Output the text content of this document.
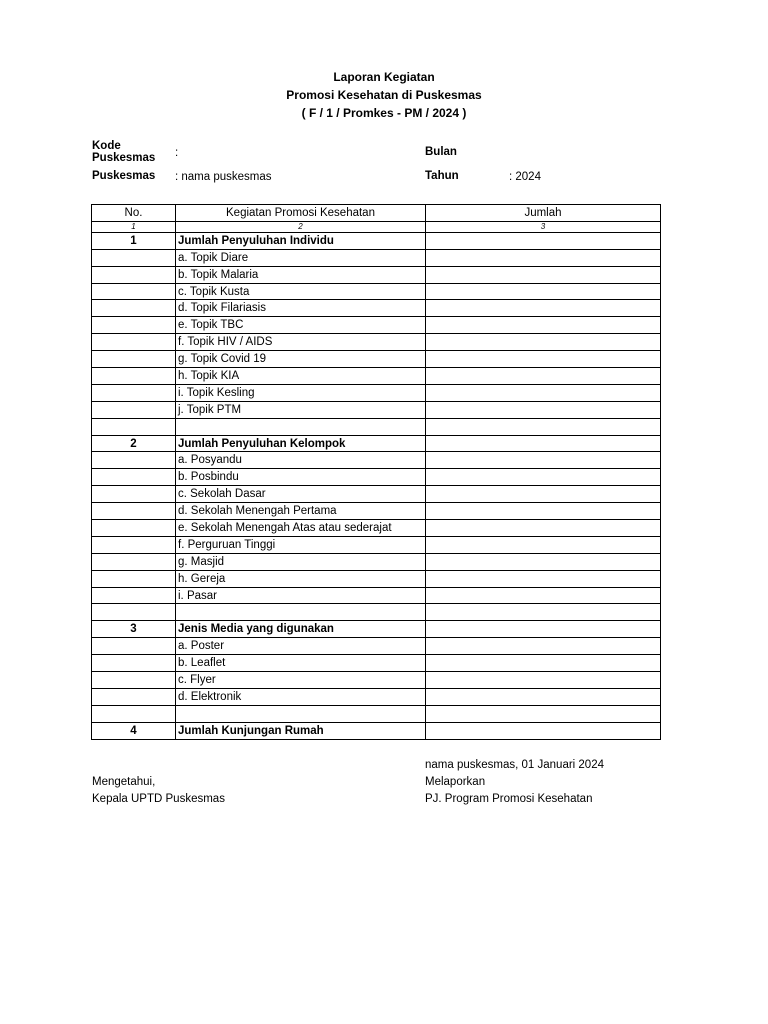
Laporan Kegiatan
Promosi Kesehatan di Puskesmas
( F / 1 / Promkes - PM / 2024 )
Kode
Puskesmas :
Puskesmas : nama puskesmas
Bulan
Tahun	: 2024
No.	Kegiatan Promosi Kesehatan	Jumlah
1	2	3
1	Jumlah Penyuluhan Individu	
	a. Topik Diare	
	b. Topik Malaria	
	c. Topik Kusta	
	d. Topik Filariasis	
	e. Topik TBC	
	f. Topik HIV / AIDS	
	g. Topik Covid 19	
	h. Topik KIA	
	i. Topik Kesling	
	j. Topik PTM	

2	Jumlah Penyuluhan Kelompok	
	a. Posyandu	
	b. Posbindu	
	c. Sekolah Dasar	
	d. Sekolah Menengah Pertama	
	e. Sekolah Menengah Atas atau sederajat	
	f. Perguruan Tinggi	
	g. Masjid	
	h. Gereja	
	i. Pasar	

3	Jenis Media yang digunakan	
	a. Poster	
	b. Leaflet	
	c. Flyer	
	d. Elektronik	

4	Jumlah Kunjungan Rumah	
nama puskesmas, 01 Januari 2024
Mengetahui,	Melaporkan
Kepala UPTD Puskesmas	PJ. Program Promosi Kesehatan
